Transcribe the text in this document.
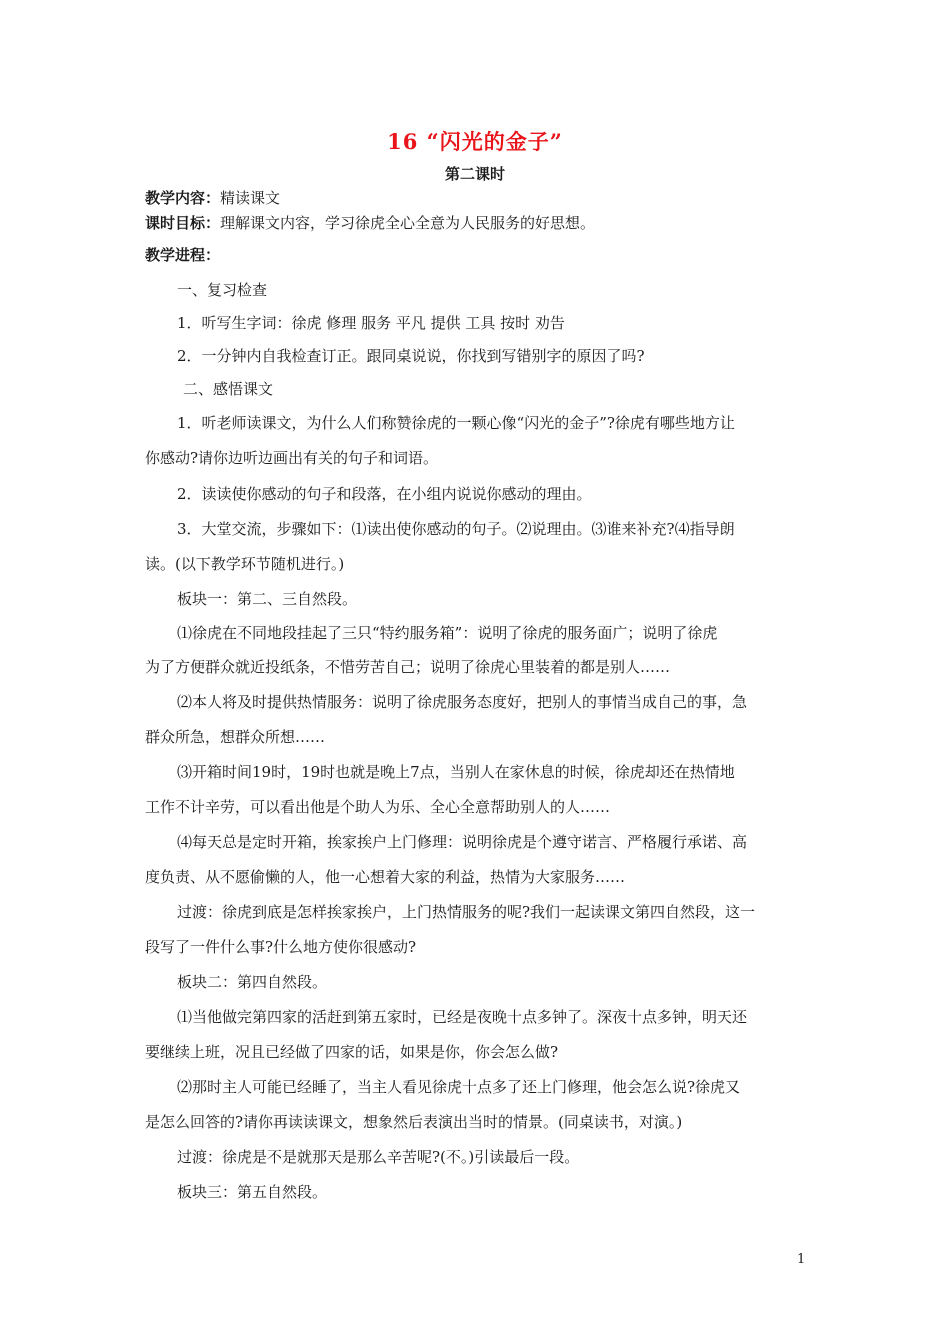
16 “闪光的金子”
第二课时
教学内容：精读课文
课时目标：理解课文内容，学习徐虎全心全意为人民服务的好思想。
教学进程：
一、复习检查
1．听写生字词：徐虎 修理 服务 平凡 提供 工具 按时 劝告
2．一分钟内自我检查订正。跟同桌说说，你找到写错别字的原因了吗?
二、感悟课文
1．听老师读课文，为什么人们称赞徐虎的一颗心像“闪光的金子”?徐虎有哪些地方让
你感动?请你边听边画出有关的句子和词语。
2．读读使你感动的句子和段落，在小组内说说你感动的理由。
3．大堂交流，步骤如下：⑴读出使你感动的句子。⑵说理由。⑶谁来补充?⑷指导朗
读。(以下教学环节随机进行。)
板块一：第二、三自然段。
⑴徐虎在不同地段挂起了三只“特约服务箱”：说明了徐虎的服务面广；说明了徐虎
为了方便群众就近投纸条，不惜劳苦自己；说明了徐虎心里装着的都是别人……
⑵本人将及时提供热情服务：说明了徐虎服务态度好，把别人的事情当成自己的事，急
群众所急，想群众所想……
⑶开箱时间19时，19时也就是晚上7点，当别人在家休息的时候，徐虎却还在热情地
工作不计辛劳，可以看出他是个助人为乐、全心全意帮助别人的人……
⑷每天总是定时开箱，挨家挨户上门修理：说明徐虎是个遵守诺言、严格履行承诺、高
度负责、从不愿偷懒的人，他一心想着大家的利益，热情为大家服务……
过渡：徐虎到底是怎样挨家挨户，上门热情服务的呢?我们一起读课文第四自然段，这一
段写了一件什么事?什么地方使你很感动?
板块二：第四自然段。
⑴当他做完第四家的活赶到第五家时，已经是夜晚十点多钟了。深夜十点多钟，明天还
要继续上班，况且已经做了四家的话，如果是你，你会怎么做?
⑵那时主人可能已经睡了，当主人看见徐虎十点多了还上门修理，他会怎么说?徐虎又
是怎么回答的?请你再读读课文，想象然后表演出当时的情景。(同桌读书，对演。)
过渡：徐虎是不是就那天是那么辛苦呢?(不。)引读最后一段。
板块三：第五自然段。
1
